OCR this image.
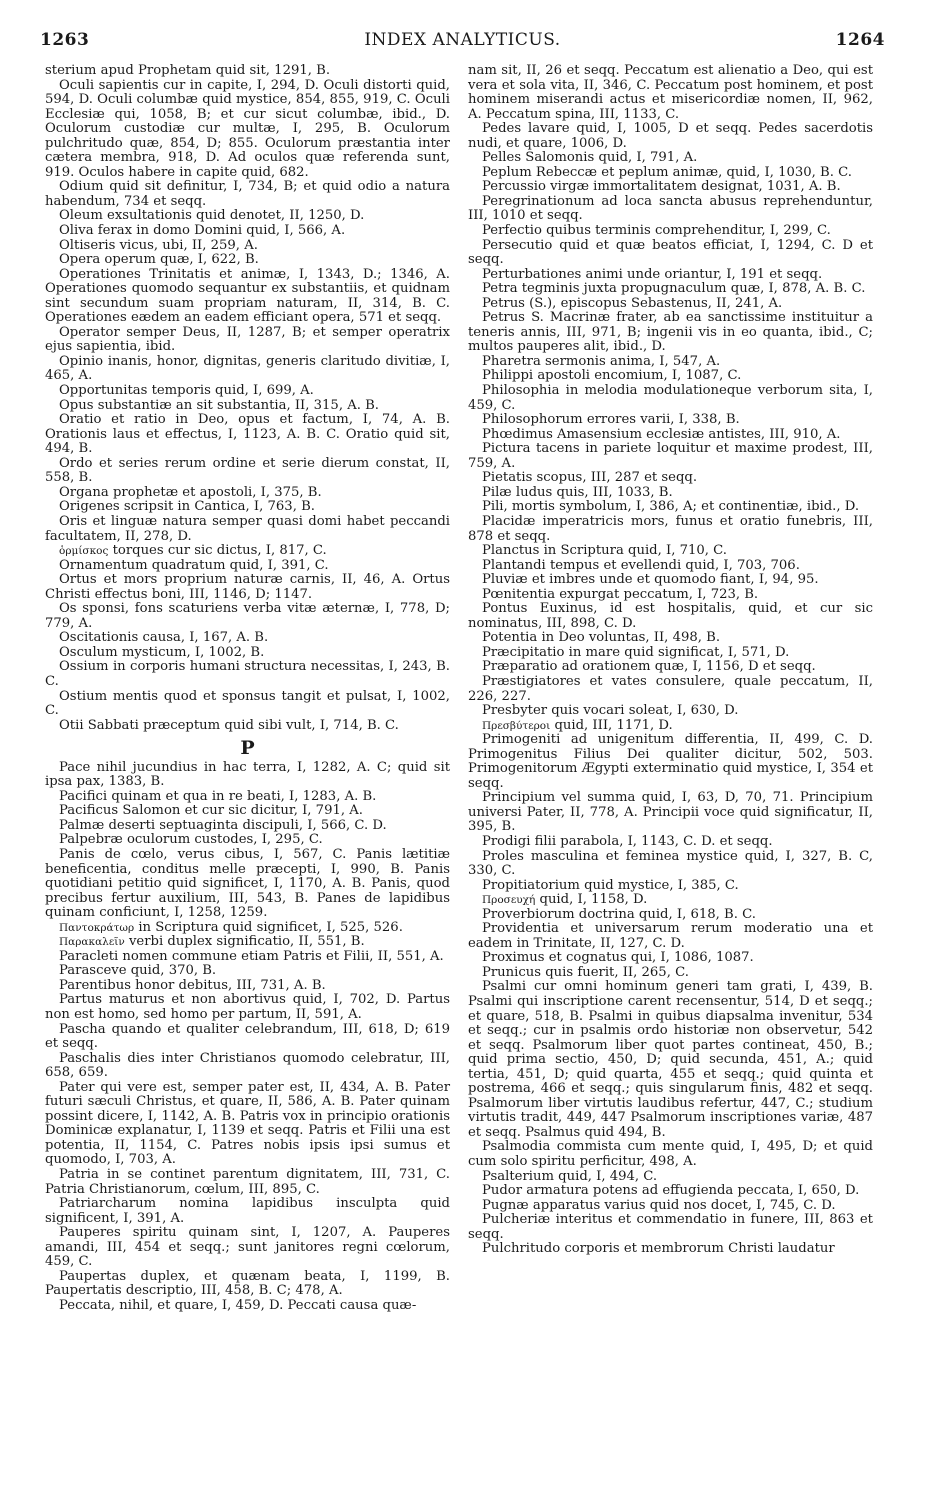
1263	INDEX ANALYTICUS.	1264

sterium apud Prophetam quid sit, 1291, B.

Oculi sapientis cur in capite, I, 294, D. Oculi distorti quid, 594, D. Oculi columbæ quid mystice, 854, 855, 919, C. Oculi Ecclesiæ qui, 1058, B; et cur sicut columbæ, ibid., D. Oculorum custodiæ cur multæ, I, 295, B. Oculorum pulchritudo quæ, 854, D; 855. Oculorum præstantia inter cætera membra, 918, D. Ad oculos quæ referenda sunt, 919. Oculos habere in capite quid, 682.

Odium quid sit definitur, I, 734, B; et quid odio a natura habendum, 734 et seqq.

Oleum exsultationis quid denotet, II, 1250, D.

Oliva ferax in domo Domini quid, I, 566, A.

Oltiseris vicus, ubi, II, 259, A.

Opera operum quæ, I, 622, B.

Operationes Trinitatis et animæ, I, 1343, D.; 1346, A. Operationes quomodo sequantur ex substantiis, et quidnam sint secundum suam propriam naturam, II, 314, B. C. Operationes eædem an eadem efficiant opera, 571 et seqq.

Operator semper Deus, II, 1287, B; et semper operatrix ejus sapientia, ibid.

Opinio inanis, honor, dignitas, generis claritudo divitiæ, I, 465, A.

Opportunitas temporis quid, I, 699, A.

Opus substantiæ an sit substantia, II, 315, A. B.

Oratio et ratio in Deo, opus et factum, I, 74, A. B. Orationis laus et effectus, I, 1123, A. B. C. Oratio quid sit, 494, B.

Ordo et series rerum ordine et serie dierum constat, II, 558, B.

Organa prophetæ et apostoli, I, 375, B.

Origenes scripsit in Cantica, I, 763, B.

Oris et linguæ natura semper quasi domi habet peccandi facultatem, II, 278, D.

ὁρμίσκος torques cur sic dictus, I, 817, C.

Ornamentum quadratum quid, I, 391, C.

Ortus et mors proprium naturæ carnis, II, 46, A. Ortus Christi effectus boni, III, 1146, D; 1147.

Os sponsi, fons scaturiens verba vitæ æternæ, I, 778, D; 779, A.

Oscitationis causa, I, 167, A. B.

Osculum mysticum, I, 1002, B.

Ossium in corporis humani structura necessitas, I, 243, B. C.

Ostium mentis quod et sponsus tangit et pulsat, I, 1002, C.

Otii Sabbati præceptum quid sibi vult, I, 714, B. C.

P

Pace nihil jucundius in hac terra, I, 1282, A. C; quid sit ipsa pax, 1383, B.

Pacifici quinam et qua in re beati, I, 1283, A. B.

Pacificus Salomon et cur sic dicitur, I, 791, A.

Palmæ deserti septuaginta discipuli, I, 566, C. D.

Palpebræ oculorum custodes, I, 295, C.

Panis de cœlo, verus cibus, I, 567, C. Panis lætitiæ beneficentia, conditus melle præcepti, I, 990, B. Panis quotidiani petitio quid significet, I, 1170, A. B. Panis, quod precibus fertur auxilium, III, 543, B. Panes de lapidibus quinam conficiunt, I, 1258, 1259.

Παντοκράτωρ in Scriptura quid significet, I, 525, 526.

Παρακαλεῖν verbi duplex significatio, II, 551, B.

Paracleti nomen commune etiam Patris et Filii, II, 551, A.

Parasceve quid, 370, B.

Parentibus honor debitus, III, 731, A. B.

Partus maturus et non abortivus quid, I, 702, D. Partus non est homo, sed homo per partum, II, 591, A.

Pascha quando et qualiter celebrandum, III, 618, D; 619 et seqq.

Paschalis dies inter Christianos quomodo celebratur, III, 658, 659.

Pater qui vere est, semper pater est, II, 434, A. B. Pater futuri sæculi Christus, et quare, II, 586, A. B. Pater quinam possint dicere, I, 1142, A. B. Patris vox in principio orationis Dominicæ explanatur, I, 1139 et seqq. Patris et Filii una est potentia, II, 1154, C. Patres nobis ipsis ipsi sumus et quomodo, I, 703, A.

Patria in se continet parentum dignitatem, III, 731, C. Patria Christianorum, cœlum, III, 895, C.

Patriarcharum nomina lapidibus insculpta quid significent, I, 391, A.

Pauperes spiritu quinam sint, I, 1207, A. Pauperes amandi, III, 454 et seqq.; sunt janitores regni cœlorum, 459, C.

Paupertas duplex, et quænam beata, I, 1199, B. Paupertatis descriptio, III, 458, B. C; 478, A.

Peccata, nihil, et quare, I, 459, D. Peccati causa quæ-

nam sit, II, 26 et seqq. Peccatum est alienatio a Deo, qui est vera et sola vita, II, 346, C. Peccatum post hominem, et post hominem miserandi actus et misericordiæ nomen, II, 962, A. Peccatum spina, III, 1133, C.

Pedes lavare quid, I, 1005, D et seqq. Pedes sacerdotis nudi, et quare, 1006, D.

Pelles Salomonis quid, I, 791, A.

Peplum Rebeccæ et peplum animæ, quid, I, 1030, B. C.

Percussio virgæ immortalitatem designat, 1031, A. B.

Peregrinationum ad loca sancta abusus reprehenduntur, III, 1010 et seqq.

Perfectio quibus terminis comprehenditur, I, 299, C.

Persecutio quid et quæ beatos efficiat, I, 1294, C. D et seqq.

Perturbationes animi unde oriantur, I, 191 et seqq.

Petra tegminis juxta propugnaculum quæ, I, 878, A. B. C.

Petrus (S.), episcopus Sebastenus, II, 241, A.

Petrus S. Macrinæ frater, ab ea sanctissime instituitur a teneris annis, III, 971, B; ingenii vis in eo quanta, ibid., C; multos pauperes alit, ibid., D.

Pharetra sermonis anima, I, 547, A.

Philippi apostoli encomium, I, 1087, C.

Philosophia in melodia modulationeque verborum sita, I, 459, C.

Philosophorum errores varii, I, 338, B.

Phœdimus Amasensium ecclesiæ antistes, III, 910, A.

Pictura tacens in pariete loquitur et maxime prodest, III, 759, A.

Pietatis scopus, III, 287 et seqq.

Pilæ ludus quis, III, 1033, B.

Pili, mortis symbolum, I, 386, A; et continentiæ, ibid., D.

Placidæ imperatricis mors, funus et oratio funebris, III, 878 et seqq.

Planctus in Scriptura quid, I, 710, C.

Plantandi tempus et evellendi quid, I, 703, 706.

Pluviæ et imbres unde et quomodo fiant, I, 94, 95.

Pœnitentia expurgat peccatum, I, 723, B.

Pontus Euxinus, id est hospitalis, quid, et cur sic nominatus, III, 898, C. D.

Potentia in Deo voluntas, II, 498, B.

Præcipitatio in mare quid significat, I, 571, D.

Præparatio ad orationem quæ, I, 1156, D et seqq.

Præstigiatores et vates consulere, quale peccatum, II, 226, 227.

Presbyter quis vocari soleat, I, 630, D.

Πρεσβύτεροι quid, III, 1171, D.

Primogeniti ad unigenitum differentia, II, 499, C. D. Primogenitus Filius Dei qualiter dicitur, 502, 503. Primogenitorum Ægypti exterminatio quid mystice, I, 354 et seqq.

Principium vel summa quid, I, 63, D, 70, 71. Principium universi Pater, II, 778, A. Principii voce quid significatur, II, 395, B.

Prodigi filii parabola, I, 1143, C. D. et seqq.

Proles masculina et feminea mystice quid, I, 327, B. C, 330, C.

Propitiatorium quid mystice, I, 385, C.

Προσευχή quid, I, 1158, D.

Proverbiorum doctrina quid, I, 618, B. C.

Providentia et universarum rerum moderatio una et eadem in Trinitate, II, 127, C. D.

Proximus et cognatus qui, I, 1086, 1087.

Prunicus quis fuerit, II, 265, C.

Psalmi cur omni hominum generi tam grati, I, 439, B. Psalmi qui inscriptione carent recensentur, 514, D et seqq.; et quare, 518, B. Psalmi in quibus diapsalma invenitur, 534 et seqq.; cur in psalmis ordo historiæ non observetur, 542 et seqq. Psalmorum liber quot partes contineat, 450, B.; quid prima sectio, 450, D; quid secunda, 451, A.; quid tertia, 451, D; quid quarta, 455 et seqq.; quid quinta et postrema, 466 et seqq.; quis singularum finis, 482 et seqq. Psalmorum liber virtutis laudibus refertur, 447, C.; studium virtutis tradit, 449, 447 Psalmorum inscriptiones variæ, 487 et seqq. Psalmus quid 494, B.

Psalmodia commista cum mente quid, I, 495, D; et quid cum solo spiritu perficitur, 498, A.

Psalterium quid, I, 494, C.

Pudor armatura potens ad effugienda peccata, I, 650, D.

Pugnæ apparatus varius quid nos docet, I, 745, C. D.

Pulcheriæ interitus et commendatio in funere, III, 863 et seqq.

Pulchritudo corporis et membrorum Christi laudatur
